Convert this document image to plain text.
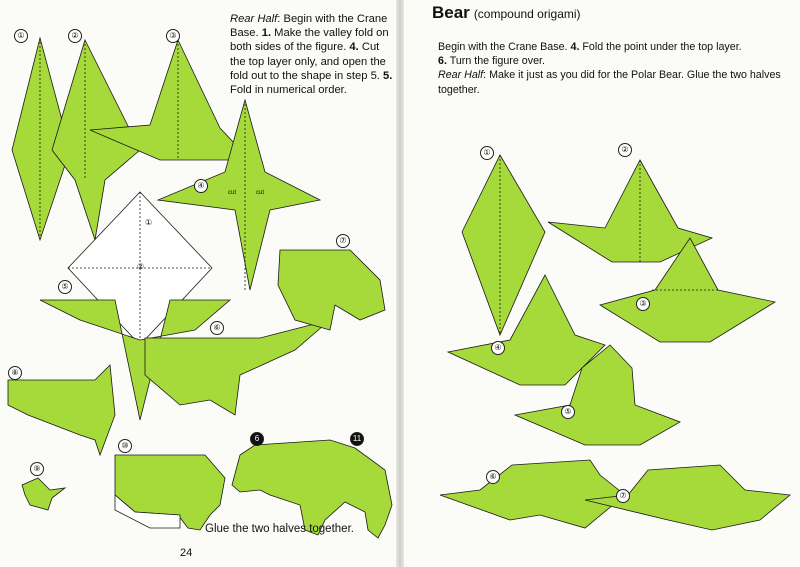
Rear Half: Begin with the Crane Base. 1. Make the valley fold on both sides of the figure. 4. Cut the top layer only, and open the fold out to the shape in step 5. 5. Fold in numerical order.
①	②	③
④
⑤
⑥
⑦
⑧
⑨
⑩
6	11
cut	cut
①
②
Glue the two halves together.
24
Bear (compound origami)
Begin with the Crane Base. 4. Fold the point under the top layer.
6. Turn the figure over.
Rear Half: Make it just as you did for the Polar Bear. Glue the two halves together.
①	②
③
④
⑤
⑥
⑦
